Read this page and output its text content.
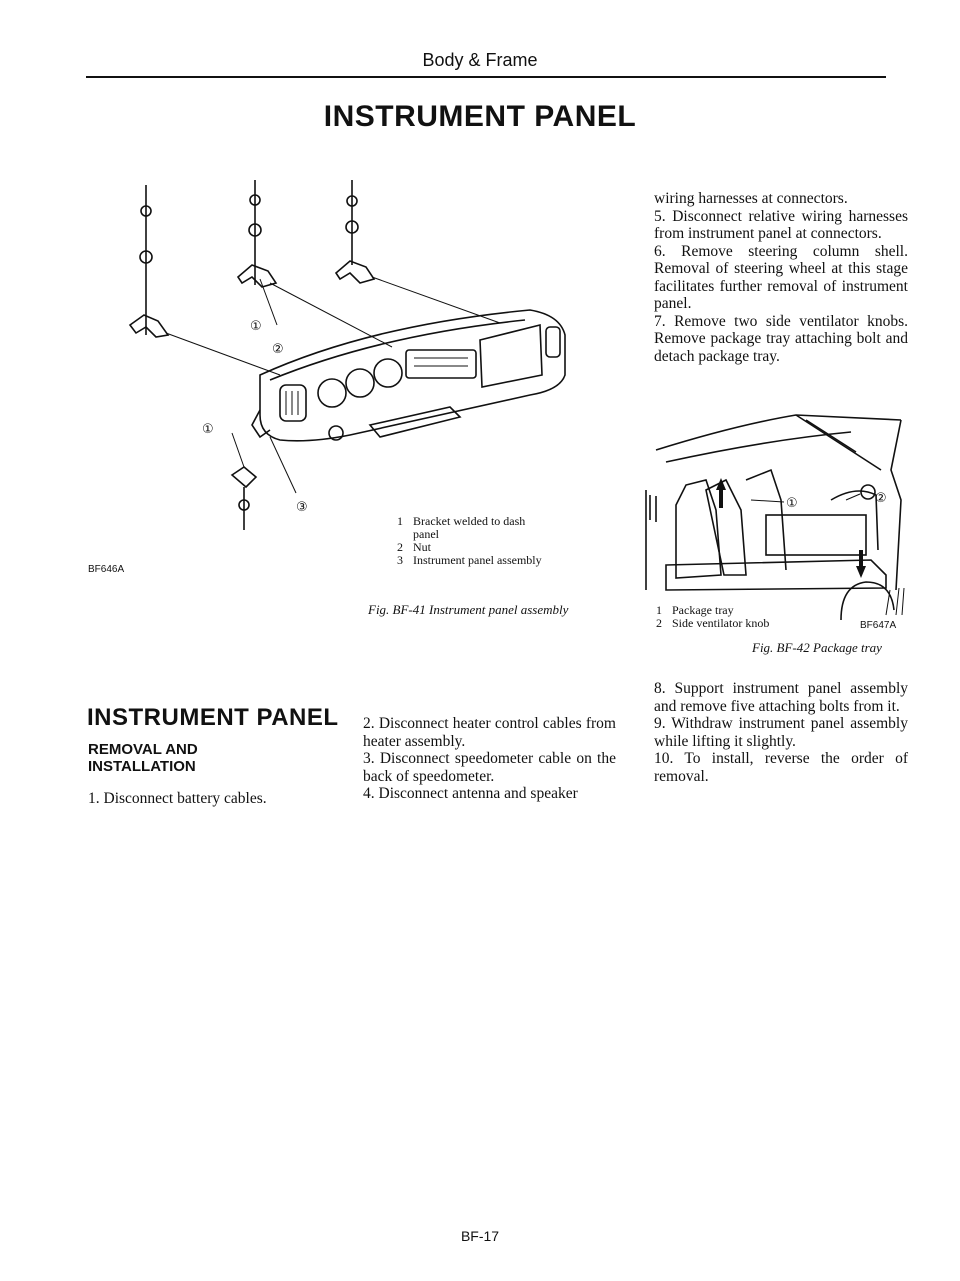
Body & Frame
INSTRUMENT PANEL
①
②
①
③
BF646A
1 Bracket welded to dash
panel
2 Nut
3 Instrument panel assembly
Fig. BF-41 Instrument panel assembly
INSTRUMENT PANEL
REMOVAL AND
INSTALLATION
1. Disconnect battery cables.

2. Disconnect heater control cables from heater assembly.

3. Disconnect speedometer cable on the back of speedometer.

4. Disconnect antenna and speaker

wiring harnesses at connectors.

5. Disconnect relative wiring harnesses from instrument panel at connectors.

6. Remove steering column shell. Removal of steering wheel at this stage facilitates further removal of instrument panel.

7. Remove two side ventilator knobs. Remove package tray attaching bolt and detach package tray.

①	②
1 Package tray
2 Side ventilator knob	BF647A
Fig. BF-42 Package tray

8. Support instrument panel assembly and remove five attaching bolts from it.

9. Withdraw instrument panel assembly while lifting it slightly.

10. To install, reverse the order of removal.

BF-17
